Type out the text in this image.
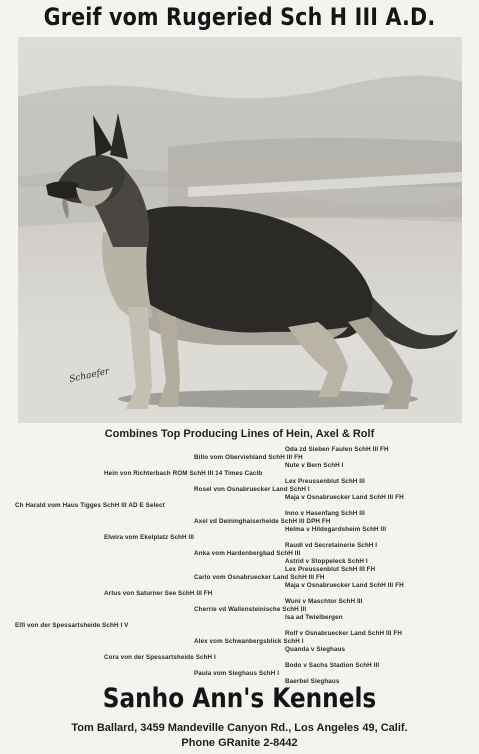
Greif vom Rugeried Sch H III A.D.
Schaefer
Combines Top Producing Lines of Hein, Axel & Rolf
Oda zd Sieben Faulen SchH III FH
Billo vom Oberviehland SchH III FH
Nute v Bern SchH I
Hein von Richterbach ROM SchH III 14 Times CacIb
Lex Preussenblut SchH III
Rosel von Osnabruecker Land SchH I
Maja v Osnabruecker Land SchH III FH
Ch Harald vom Haus Tigges SchH III AD E Select
Inno v Hasenfang SchH III
Axel vd Deininghaiserheide SchH III DPH FH
Helma v Hildegardsheim SchH III
Elwira vom Ekelplatz SchH III
Raudi vd Secretainerie SchH I
Anka vom Hardenbergbad SchH III
Astrid v Stoppeleck SchH I
Lex Preussenblut SchH III FH
Carlo vom Osnabruecker Land SchH III FH
Maja v Osnabruecker Land SchH III FH
Artus von Saturner See SchH III FH
Wuni v Maschtor SchH III
Cherrie vd Wallensteinische SchH III
Isa ad Twielbergen
Elfi von der Spessartsheide SchH I V
Rolf v Osnabruecker Land SchH III FH
Alex vom Schwanbergsblick SchH I
Quanda v Sieghaus
Cora von der Spessartsheide SchH I
Bodo v Sachs Stadion SchH III
Paula vom Sieghaus SchH I
Baerbel Sieghaus
Sanho Ann's Kennels
Tom Ballard, 3459 Mandeville Canyon Rd., Los Angeles 49, Calif.
Phone GRanite 2-8442
